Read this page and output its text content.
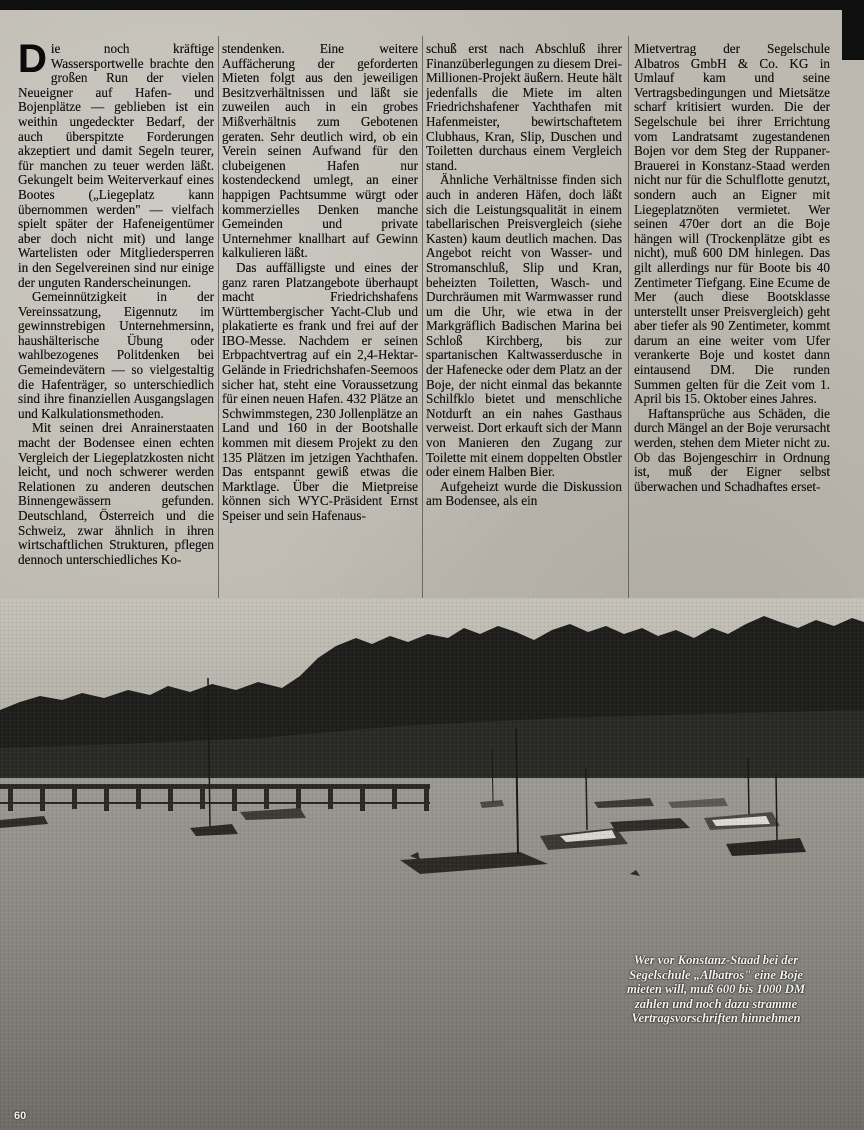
Die noch kräftige Wassersportwelle brachte den großen Run der vielen Neueigner auf Hafen- und Bojenplätze — geblieben ist ein weithin ungedeckter Bedarf, der auch überspitzte Forderungen akzeptiert und damit Segeln teurer, für manchen zu teuer werden läßt. Gekungelt beim Weiterverkauf eines Bootes („Liegeplatz kann übernommen werden" — vielfach spielt später der Hafeneigentümer aber doch nicht mit) und lange Wartelisten oder Mitgliedersperren in den Segelvereinen sind nur einige der unguten Randerscheinungen.

Gemeinnützigkeit in der Vereinssatzung, Eigennutz im gewinnstrebigen Unternehmersinn, haushälterische Übung oder wahlbezogenes Politdenken bei Gemeindevätern — so vielgestaltig die Hafenträger, so unterschiedlich sind ihre finanziellen Ausgangslagen und Kalkulationsmethoden.

Mit seinen drei Anrainerstaaten macht der Bodensee einen echten Vergleich der Liegeplatzkosten nicht leicht, und noch schwerer werden Relationen zu anderen deutschen Binnengewässern gefunden. Deutschland, Österreich und die Schweiz, zwar ähnlich in ihren wirtschaftlichen Strukturen, pflegen dennoch unterschiedliches Ko-

stendenken. Eine weitere Auffächerung der geforderten Mieten folgt aus den jeweiligen Besitzverhältnissen und läßt sie zuweilen auch in ein grobes Mißverhältnis zum Gebotenen geraten. Sehr deutlich wird, ob ein Verein seinen Aufwand für den clubeigenen Hafen nur kostendeckend umlegt, an einer happigen Pachtsumme würgt oder kommerzielles Denken manche Gemeinden und private Unternehmer knallhart auf Gewinn kalkulieren läßt.

Das auffälligste und eines der ganz raren Platzangebote überhaupt macht Friedrichshafens Württembergischer Yacht-Club und plakatierte es frank und frei auf der IBO-Messe. Nachdem er seinen Erbpachtvertrag auf ein 2,4-Hektar-Gelände in Friedrichshafen-Seemoos sicher hat, steht eine Voraussetzung für einen neuen Hafen. 432 Plätze an Schwimmstegen, 230 Jollenplätze an Land und 160 in der Bootshalle kommen mit diesem Projekt zu den 135 Plätzen im jetzigen Yachthafen. Das entspannt gewiß etwas die Marktlage. Über die Mietpreise können sich WYC-Präsident Ernst Speiser und sein Hafenaus-

schuß erst nach Abschluß ihrer Finanzüberlegungen zu diesem Drei-Millionen-Projekt äußern. Heute hält jedenfalls die Miete im alten Friedrichshafener Yachthafen mit Hafenmeister, bewirtschaftetem Clubhaus, Kran, Slip, Duschen und Toiletten durchaus einem Vergleich stand.

Ähnliche Verhältnisse finden sich auch in anderen Häfen, doch läßt sich die Leistungsqualität in einem tabellarischen Preisvergleich (siehe Kasten) kaum deutlich machen. Das Angebot reicht von Wasser- und Stromanschluß, Slip und Kran, beheizten Toiletten, Wasch- und Durchräumen mit Warmwasser rund um die Uhr, wie etwa in der Markgräflich Badischen Marina bei Schloß Kirchberg, bis zur spartanischen Kaltwasserdusche in der Hafenecke oder dem Platz an der Boje, der nicht einmal das bekannte Schilfklo bietet und menschliche Notdurft an ein nahes Gasthaus verweist. Dort erkauft sich der Mann von Manieren den Zugang zur Toilette mit einem doppelten Obstler oder einem Halben Bier.

Aufgeheizt wurde die Diskussion am Bodensee, als ein

Mietvertrag der Segelschule Albatros GmbH & Co. KG in Umlauf kam und seine Vertragsbedingungen und Mietsätze scharf kritisiert wurden. Die der Segelschule bei ihrer Errichtung vom Landratsamt zugestandenen Bojen vor dem Steg der Ruppaner-Brauerei in Konstanz-Staad werden nicht nur für die Schulflotte genutzt, sondern auch an Eigner mit Liegeplatznöten vermietet. Wer seinen 470er dort an die Boje hängen will (Trockenplätze gibt es nicht), muß 600 DM hinlegen. Das gilt allerdings nur für Boote bis 40 Zentimeter Tiefgang. Eine Ecume de Mer (auch diese Bootsklasse unterstellt unser Preisvergleich) geht aber tiefer als 90 Zentimeter, kommt darum an eine weiter vom Ufer verankerte Boje und kostet dann eintausend DM. Die runden Summen gelten für die Zeit vom 1. April bis 15. Oktober eines Jahres.

Haftansprüche aus Schäden, die durch Mängel an der Boje verursacht werden, stehen dem Mieter nicht zu. Ob das Bojengeschirr in Ordnung ist, muß der Eigner selbst überwachen und Schadhaftes erset-

Wer vor Konstanz-Staad bei der Segelschule „Albatros" eine Boje mieten will, muß 600 bis 1000 DM zahlen und noch dazu stramme Vertragsvorschriften hinnehmen
60
